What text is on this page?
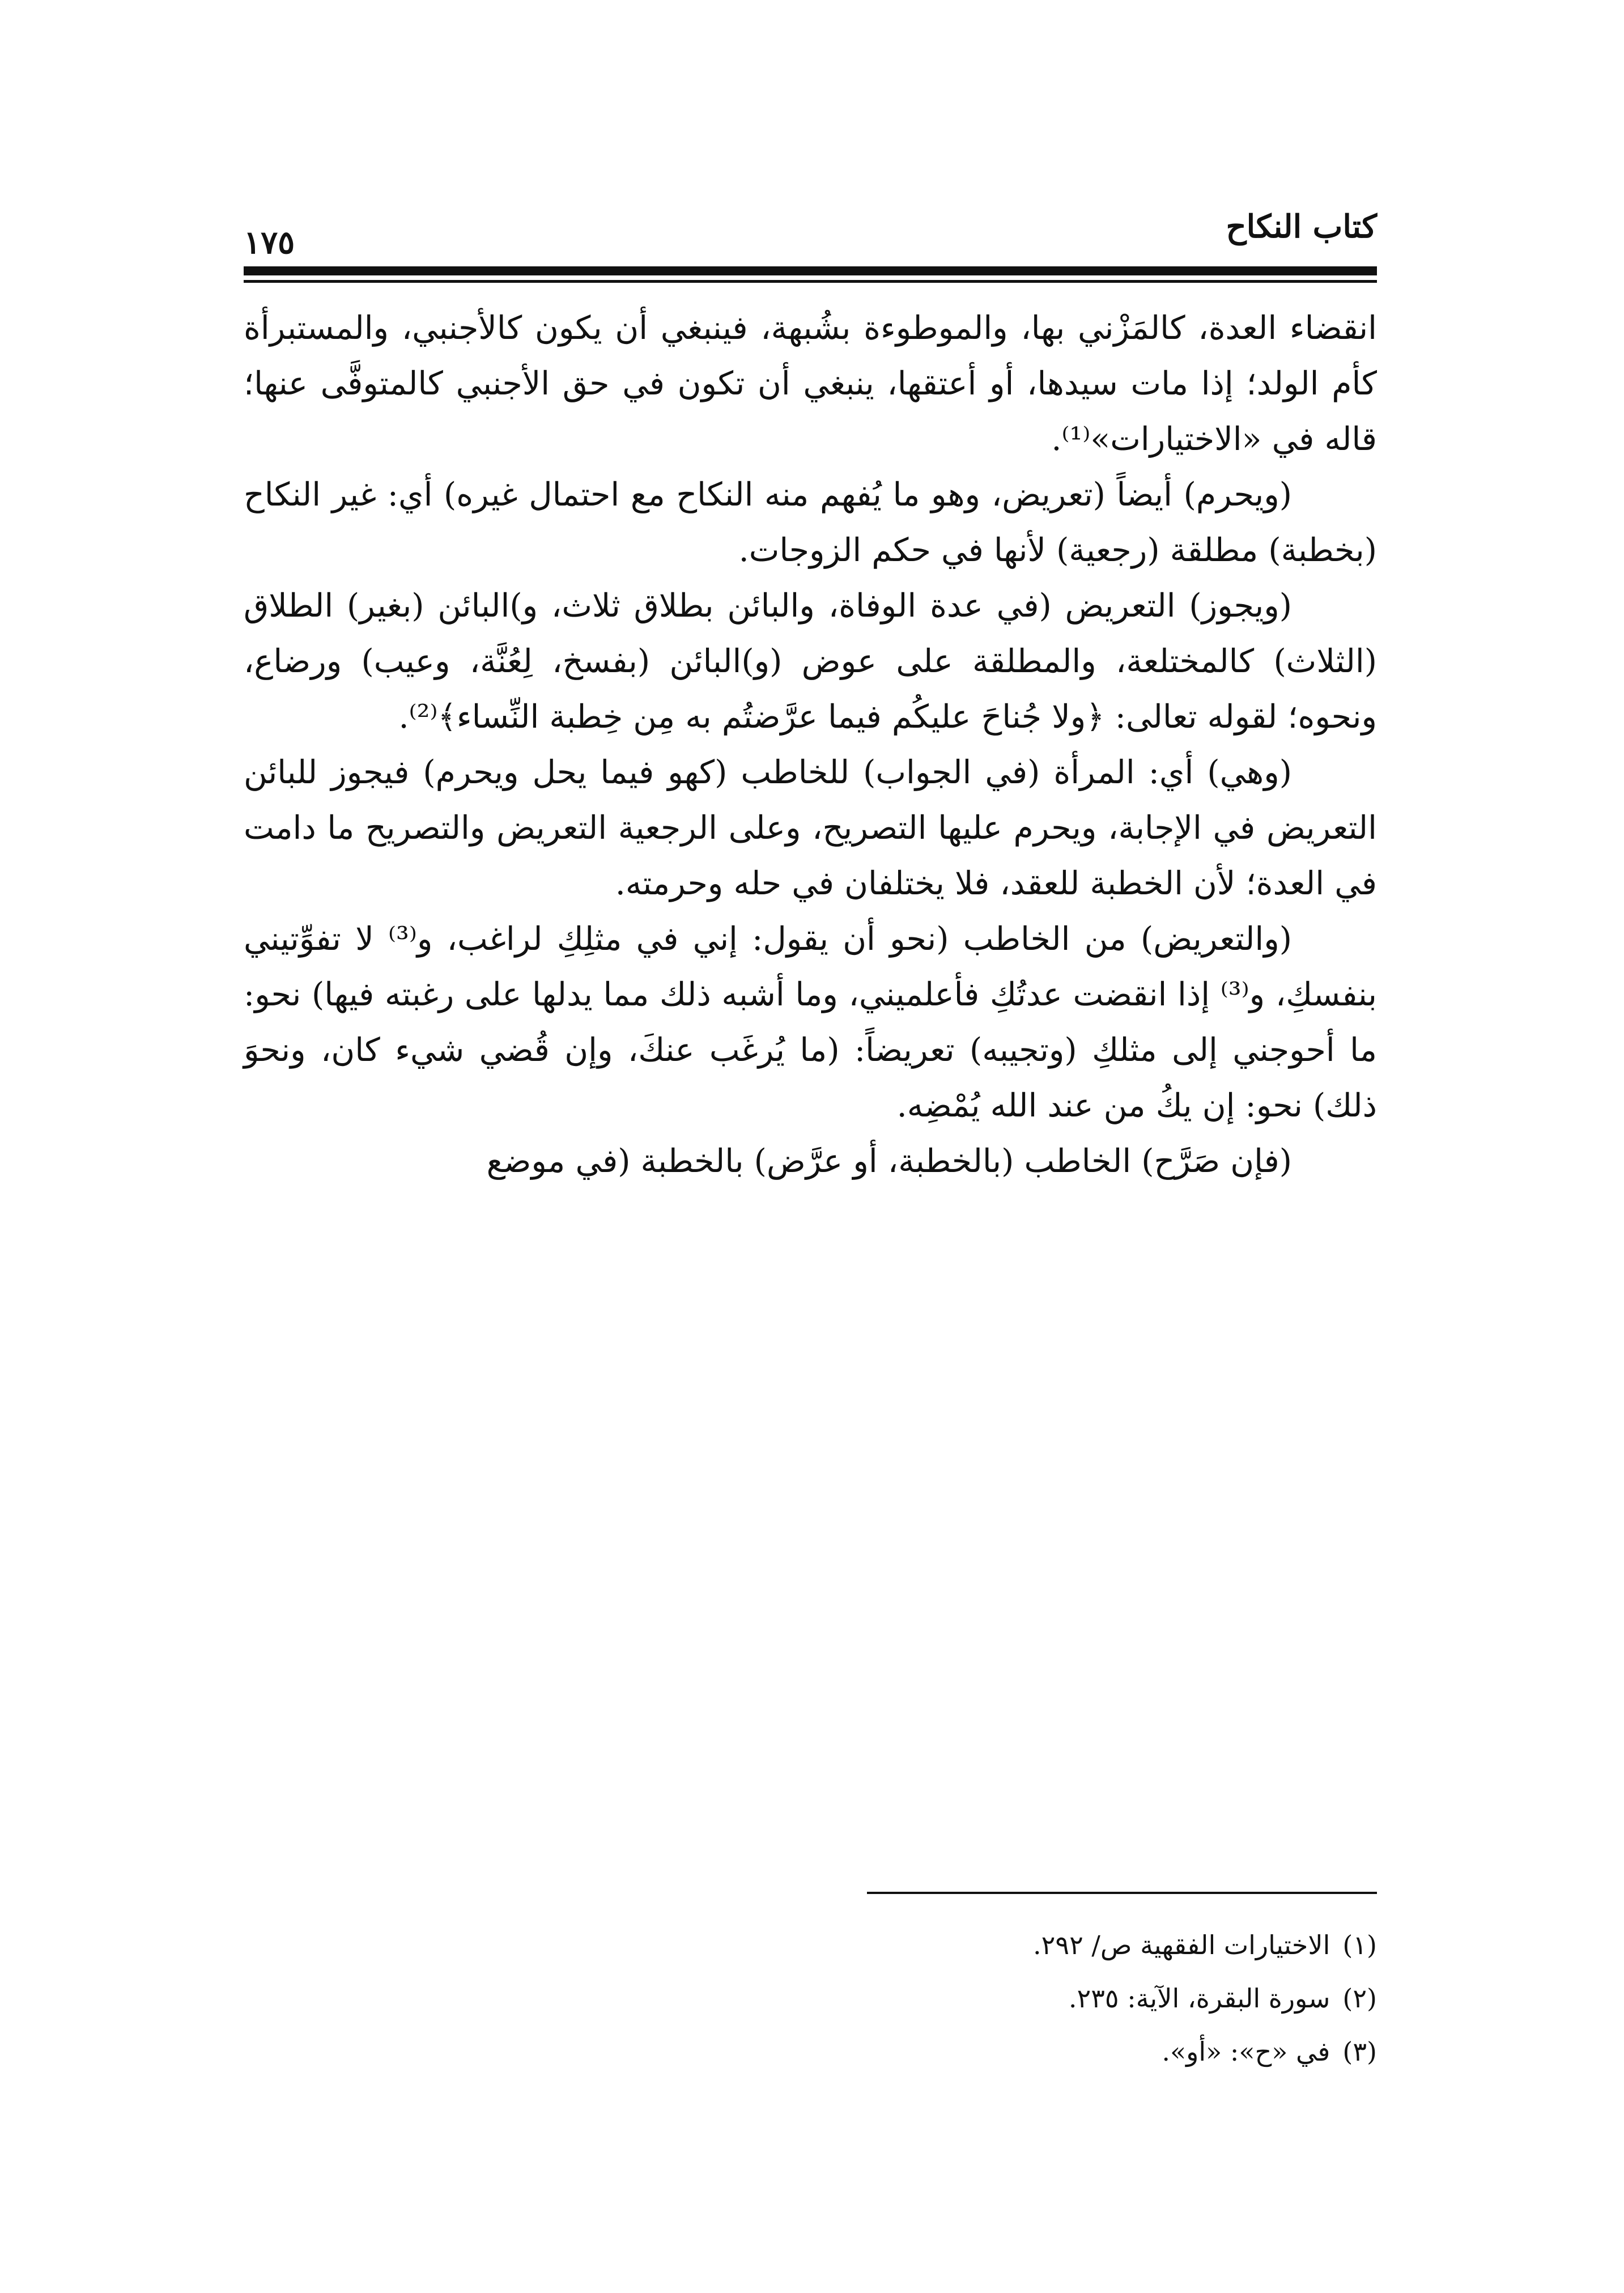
كتاب النكاح
١٧٥

انقضاء العدة، كالمَزْني بها، والموطوءة بشُبهة، فينبغي أن يكون كالأجنبي، والمستبرأة كأم الولد؛ إذا مات سيدها، أو أعتقها، ينبغي أن تكون في حق الأجنبي كالمتوفَّى عنها؛ قاله في «الاختيارات»⁽¹⁾.

(ويحرم) أيضاً (تعريض، وهو ما يُفهم منه النكاح مع احتمال غيره) أي: غير النكاح (بخطبة) مطلقة (رجعية) لأنها في حكم الزوجات.

(ويجوز) التعريض (في عدة الوفاة، والبائن بطلاق ثلاث، و)البائن (بغير) الطلاق (الثلاث) كالمختلعة، والمطلقة على عوض (و)البائن (بفسخ، لِعُنَّة، وعيب) ورضاع، ونحوه؛ لقوله تعالى: ﴿ولا جُناحَ عليكُم فيما عرَّضتُم به مِن خِطبة النِّساء﴾⁽²⁾.

(وهي) أي: المرأة (في الجواب) للخاطب (كهو فيما يحل ويحرم) فيجوز للبائن التعريض في الإجابة، ويحرم عليها التصريح، وعلى الرجعية التعريض والتصريح ما دامت في العدة؛ لأن الخطبة للعقد، فلا يختلفان في حله وحرمته.

(والتعريض) من الخاطب (نحو أن يقول: إني في مثلِكِ لراغب، و⁽³⁾ لا تفوِّتيني بنفسكِ، و⁽³⁾ إذا انقضت عدتُكِ فأعلميني، وما أشبه ذلك مما يدلها على رغبته فيها) نحو: ما أحوجني إلى مثلكِ (وتجيبه) تعريضاً: (ما يُرغَب عنكَ، وإن قُضي شيء كان، ونحوَ ذلك) نحو: إن يكُ من عند الله يُمْضِه.

(فإن صَرَّح) الخاطب (بالخطبة، أو عرَّض) بالخطبة (في موضع

(١)الاختيارات الفقهية ص/ ٢٩٢.
(٢)سورة البقرة، الآية: ٢٣٥.
(٣)في «ح»: «أو».
